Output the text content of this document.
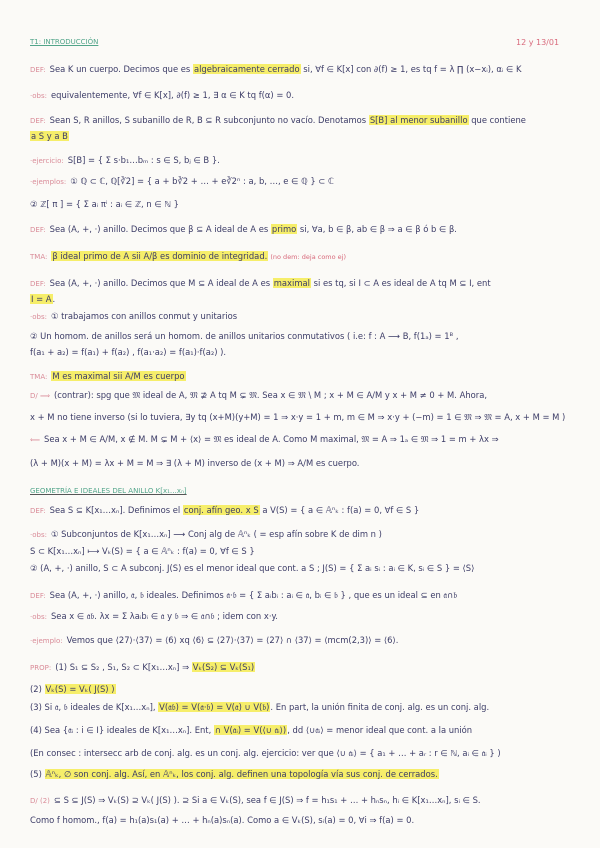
T1: INTRODUCCIÓN	12 y 13/01
DEF: Sea K un cuerpo. Decimos que es algebraicamente cerrado si, ∀f ∈ K[x] con ∂(f) ≥ 1, es tq f = λ ∏ (x−xᵢ), αᵢ ∈ K
·obs: equivalentemente, ∀f ∈ K[x], ∂(f) ≥ 1, ∃ α ∈ K tq f(α) = 0.
DEF: Sean S, R anillos, S subanillo de R, B ⊆ R subconjunto no vacío. Denotamos S[B] al menor subanillo que contiene
a S y a B
·ejercicio: S[B] = { Σ s·b₁…bₘ : s ∈ S, bⱼ ∈ B }.
·ejemplos: ① ℚ ⊂ ℂ, ℚ[∛2] = { a + b∛2 + … + e∛2ⁿ : a, b, …, e ∈ ℚ } ⊂ ℂ
② ℤ[ π ] = { Σ aᵢ πⁱ : aᵢ ∈ ℤ, n ∈ ℕ }
DEF: Sea (A, +, ·) anillo. Decimos que β ⊆ A ideal de A es primo si, ∀a, b ∈ β, ab ∈ β ⇒ a ∈ β ó b ∈ β.
TMA: β ideal primo de A sii A/β es dominio de integridad. (no dem: deja como ej)
DEF: Sea (A, +, ·) anillo. Decimos que M ⊆ A ideal de A es maximal si es tq, si I ⊂ A es ideal de A tq M ⊆ I, ent
I = A.
·obs: ① trabajamos con anillos conmut y unitarios
② Un homom. de anillos será un homom. de anillos unitarios conmutativos ( i.e: f : A ⟶ B, f(1ₐ) = 1ᴮ ,
f(a₁ + a₂) = f(a₁) + f(a₂) , f(a₁·a₂) = f(a₁)·f(a₂) ).
TMA: M es maximal sii A/M es cuerpo
D/ ⟹ (contrar): spg que 𝔐 ideal de A, 𝔐 ⊉ A tq M ⊊ 𝔐. Sea x ∈ 𝔐 \ M ; x + M ∈ A/M y x + M ≠ 0 + M. Ahora,
x + M no tiene inverso (si lo tuviera, ∃y tq (x+M)(y+M) = 1 ⇒ x·y = 1 + m, m ∈ M ⇒ x·y + (−m) = 1 ∈ 𝔐 ⇒ 𝔐 = A, x + M = M )
⟸ Sea x + M ∈ A/M, x ∉ M. M ⊊ M + ⟨x⟩ = 𝔐 es ideal de A. Como M maximal, 𝔐 = A ⇒ 1ₐ ∈ 𝔐 ⇒ 1 = m + λx ⇒
(λ + M)(x + M) = λx + M = M ⇒ ∃ (λ + M) inverso de (x + M) ⇒ A/M es cuerpo.
GEOMETRÍA E IDEALES DEL ANILLO K[x₁…xₙ]
DEF: Sea S ⊆ K[x₁…xₙ]. Definimos el conj. afín geo. x S a V(S) = { a ∈ 𝔸ⁿₖ : f(a) = 0, ∀f ∈ S }
·obs: ① Subconjuntos de K[x₁…xₙ] ⟶ Conj alg de 𝔸ⁿₖ ( = esp afín sobre K de dim n )
S ⊂ K[x₁…xₙ] ⟼ Vₖ(S) = { a ∈ 𝔸ⁿₖ : f(a) = 0, ∀f ∈ S }
② (A, +, ·) anillo, S ⊂ A subconj. J(S) es el menor ideal que cont. a S ; J(S) = { Σ aᵢ sᵢ : aᵢ ∈ K, sᵢ ∈ S } = ⟨S⟩
DEF: Sea (A, +, ·) anillo, 𝔞, 𝔟 ideales. Definimos 𝔞·𝔟 = { Σ aᵢbᵢ : aᵢ ∈ 𝔞, bᵢ ∈ 𝔟 } , que es un ideal ⊆ en 𝔞∩𝔟
·obs: Sea x ∈ 𝔞𝔟. λx = Σ λaᵢbᵢ ∈ 𝔞 y 𝔟 ⇒ ∈ 𝔞∩𝔟 ; idem con x·y.
·ejemplo: Vemos que ⟨27⟩·⟨37⟩ = ⟨6⟩ xq ⟨6⟩ ⊆ ⟨27⟩·⟨37⟩ = ⟨27⟩ ∩ ⟨37⟩ = ⟨mcm(2,3)⟩ = ⟨6⟩.
PROP: (1) S₁ ⊆ S₂ , S₁, S₂ ⊂ K[x₁…xₙ] ⇒ Vₖ(S₂) ⊆ Vₖ(S₁)
(2) Vₖ(S) = Vₖ( J(S) )
(3) Si 𝔞, 𝔟 ideales de K[x₁…xₙ], V(𝔞𝔟) = V(𝔞·𝔟) = V(𝔞) ∪ V(𝔟). En part, la unión finita de conj. alg. es un conj. alg.
(4) Sea {𝔞ᵢ : i ∈ I} ideales de K[x₁…xₙ]. Ent, ∩ V(𝔞ᵢ) = V(⟨∪ 𝔞ᵢ⟩), dd ⟨∪𝔞ᵢ⟩ = menor ideal que cont. a la unión
(En consec : intersecc arb de conj. alg. es un conj. alg. ejercicio: ver que ⟨∪ 𝔞ᵢ⟩ = { a₁ + … + aᵣ : r ∈ ℕ, aᵢ ∈ 𝔞ᵢ } )
(5) 𝔸ⁿₖ, ∅ son conj. alg. Así, en 𝔸ⁿₖ, los conj. alg. definen una topología vía sus conj. de cerrados.
D/ (2) ⊆ S ⊆ J(S) ⇒ Vₖ(S) ⊇ Vₖ( J(S) ). ⊇ Si a ∈ Vₖ(S), sea f ∈ J(S) ⇒ f = h₁s₁ + … + hₙsₙ, hᵢ ∈ K[x₁…xₙ], sᵢ ∈ S.
Como f homom., f(a) = h₁(a)s₁(a) + … + hₙ(a)sₙ(a). Como a ∈ Vₖ(S), sᵢ(a) = 0, ∀i ⇒ f(a) = 0.
